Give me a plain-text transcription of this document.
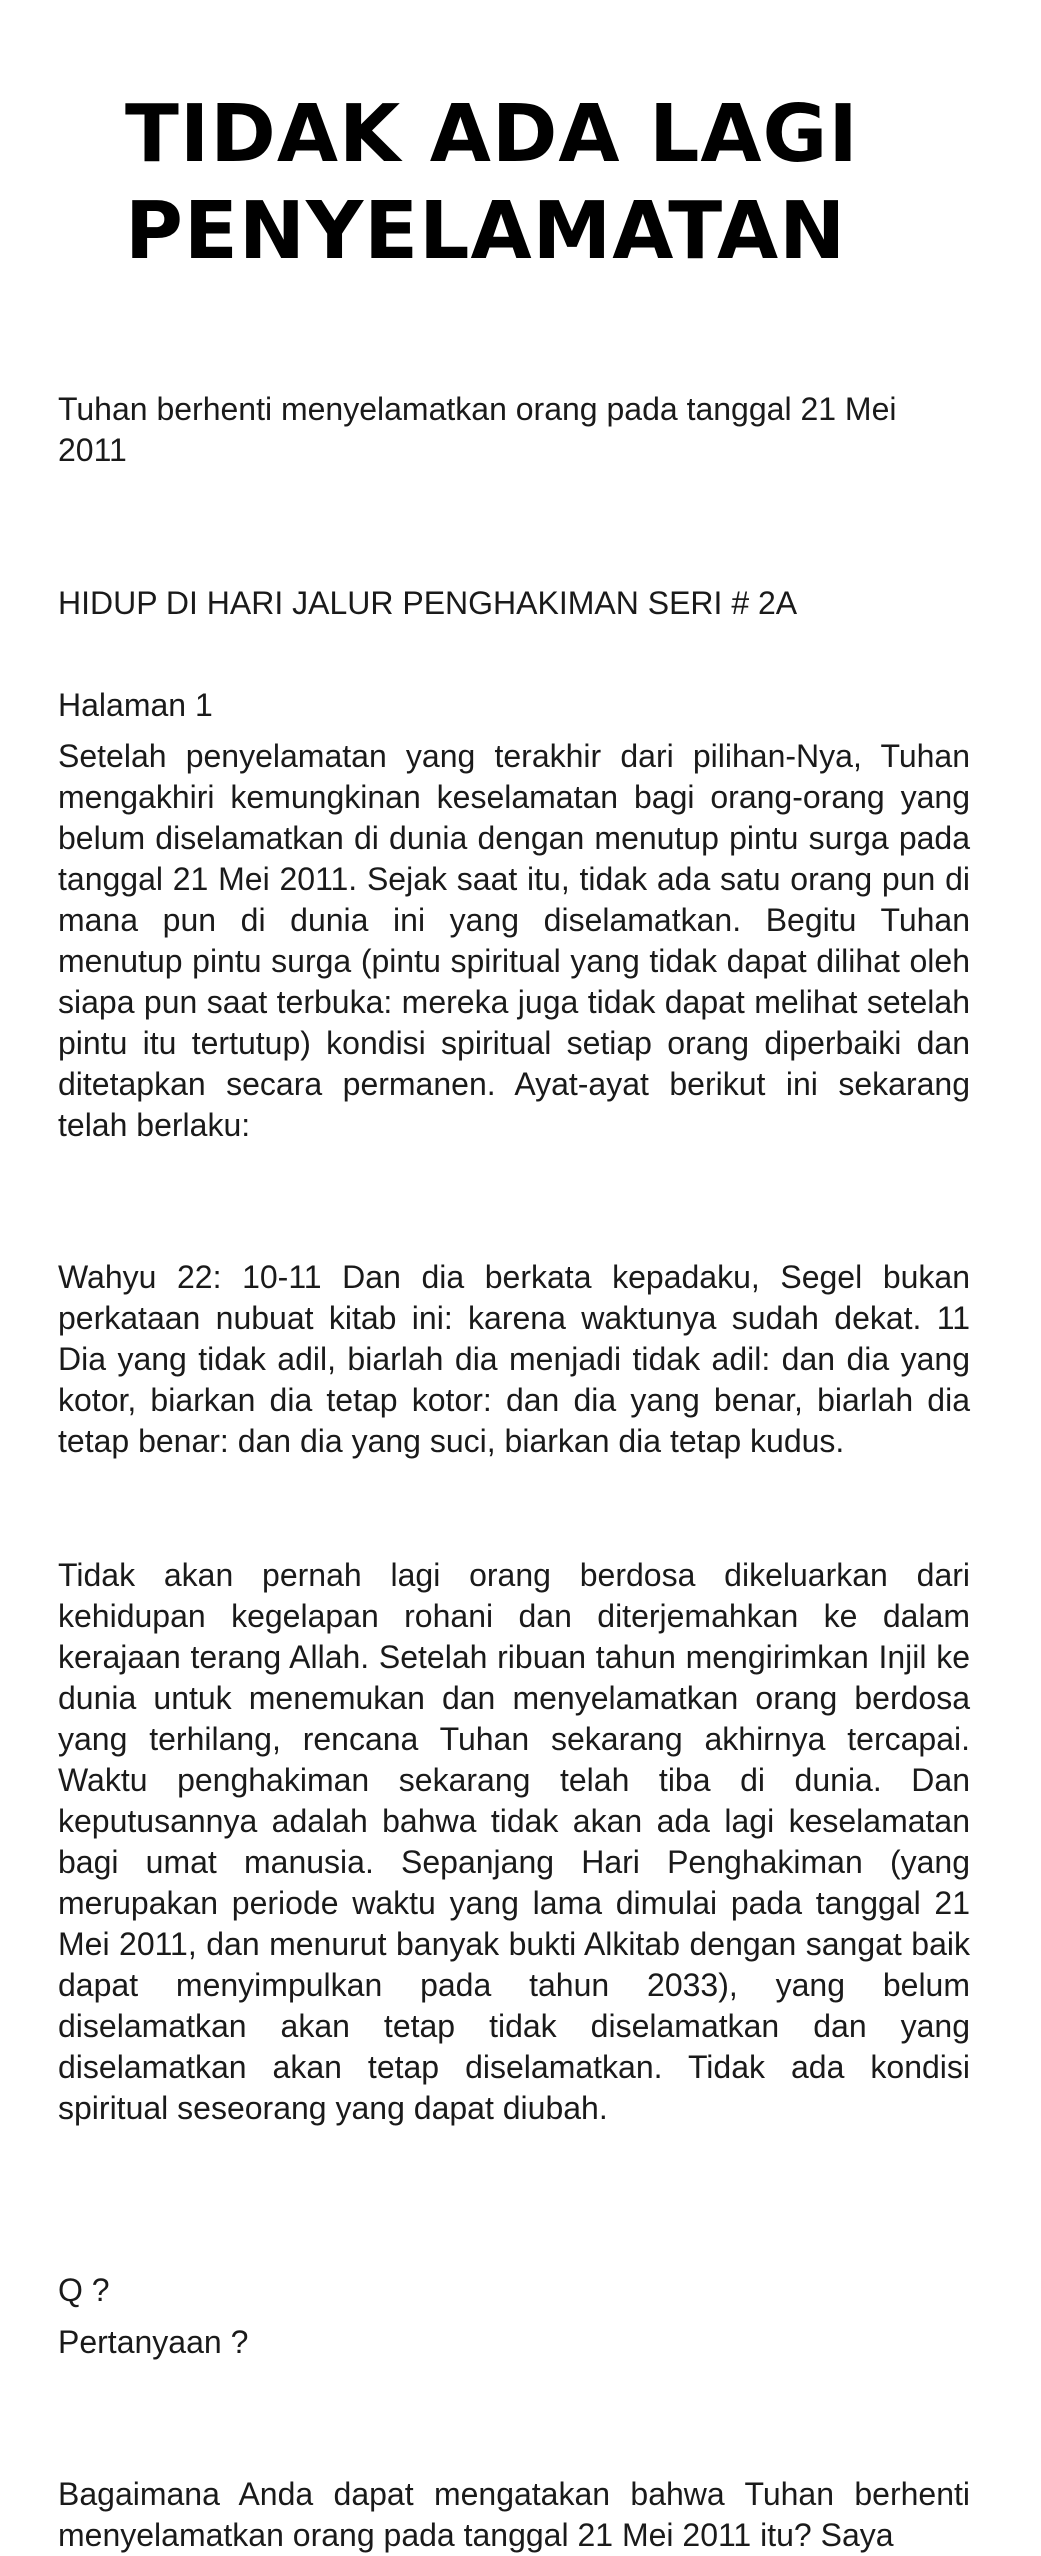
TIDAK ADA LAGI PENYELAMATAN

Tuhan berhenti menyelamatkan orang pada tanggal 21 Mei 2011

HIDUP DI HARI JALUR PENGHAKIMAN SERI # 2A

Halaman 1

Setelah penyelamatan yang terakhir dari pilihan-Nya, Tuhan mengakhiri kemungkinan keselamatan bagi orang-orang yang belum diselamatkan di dunia dengan menutup pintu surga pada tanggal 21 Mei 2011. Sejak saat itu, tidak ada satu orang pun di mana pun di dunia ini yang diselamatkan. Begitu Tuhan menutup pintu surga (pintu spiritual yang tidak dapat dilihat oleh siapa pun saat terbuka: mereka juga tidak dapat melihat setelah pintu itu tertutup) kondisi spiritual setiap orang diperbaiki dan ditetapkan secara permanen. Ayat-ayat berikut ini sekarang telah berlaku:

Wahyu 22: 10-11 Dan dia berkata kepadaku, Segel bukan perkataan nubuat kitab ini: karena waktunya sudah dekat. 11 Dia yang tidak adil, biarlah dia menjadi tidak adil: dan dia yang kotor, biarkan dia tetap kotor: dan dia yang benar, biarlah dia tetap benar: dan dia yang suci, biarkan dia tetap kudus.

Tidak akan pernah lagi orang berdosa dikeluarkan dari kehidupan kegelapan rohani dan diterjemahkan ke dalam kerajaan terang Allah. Setelah ribuan tahun mengirimkan Injil ke dunia untuk menemukan dan menyelamatkan orang berdosa yang terhilang, rencana Tuhan sekarang akhirnya tercapai. Waktu penghakiman sekarang telah tiba di dunia. Dan keputusannya adalah bahwa tidak akan ada lagi keselamatan bagi umat manusia. Sepanjang Hari Penghakiman (yang merupakan periode waktu yang lama dimulai pada tanggal 21 Mei 2011, dan menurut banyak bukti Alkitab dengan sangat baik dapat menyimpulkan pada tahun 2033), yang belum diselamatkan akan tetap tidak diselamatkan dan yang diselamatkan akan tetap diselamatkan. Tidak ada kondisi spiritual seseorang yang dapat diubah.

Q ?

Pertanyaan ?

Bagaimana Anda dapat mengatakan bahwa Tuhan berhenti menyelamatkan orang pada tanggal 21 Mei 2011 itu? Saya
